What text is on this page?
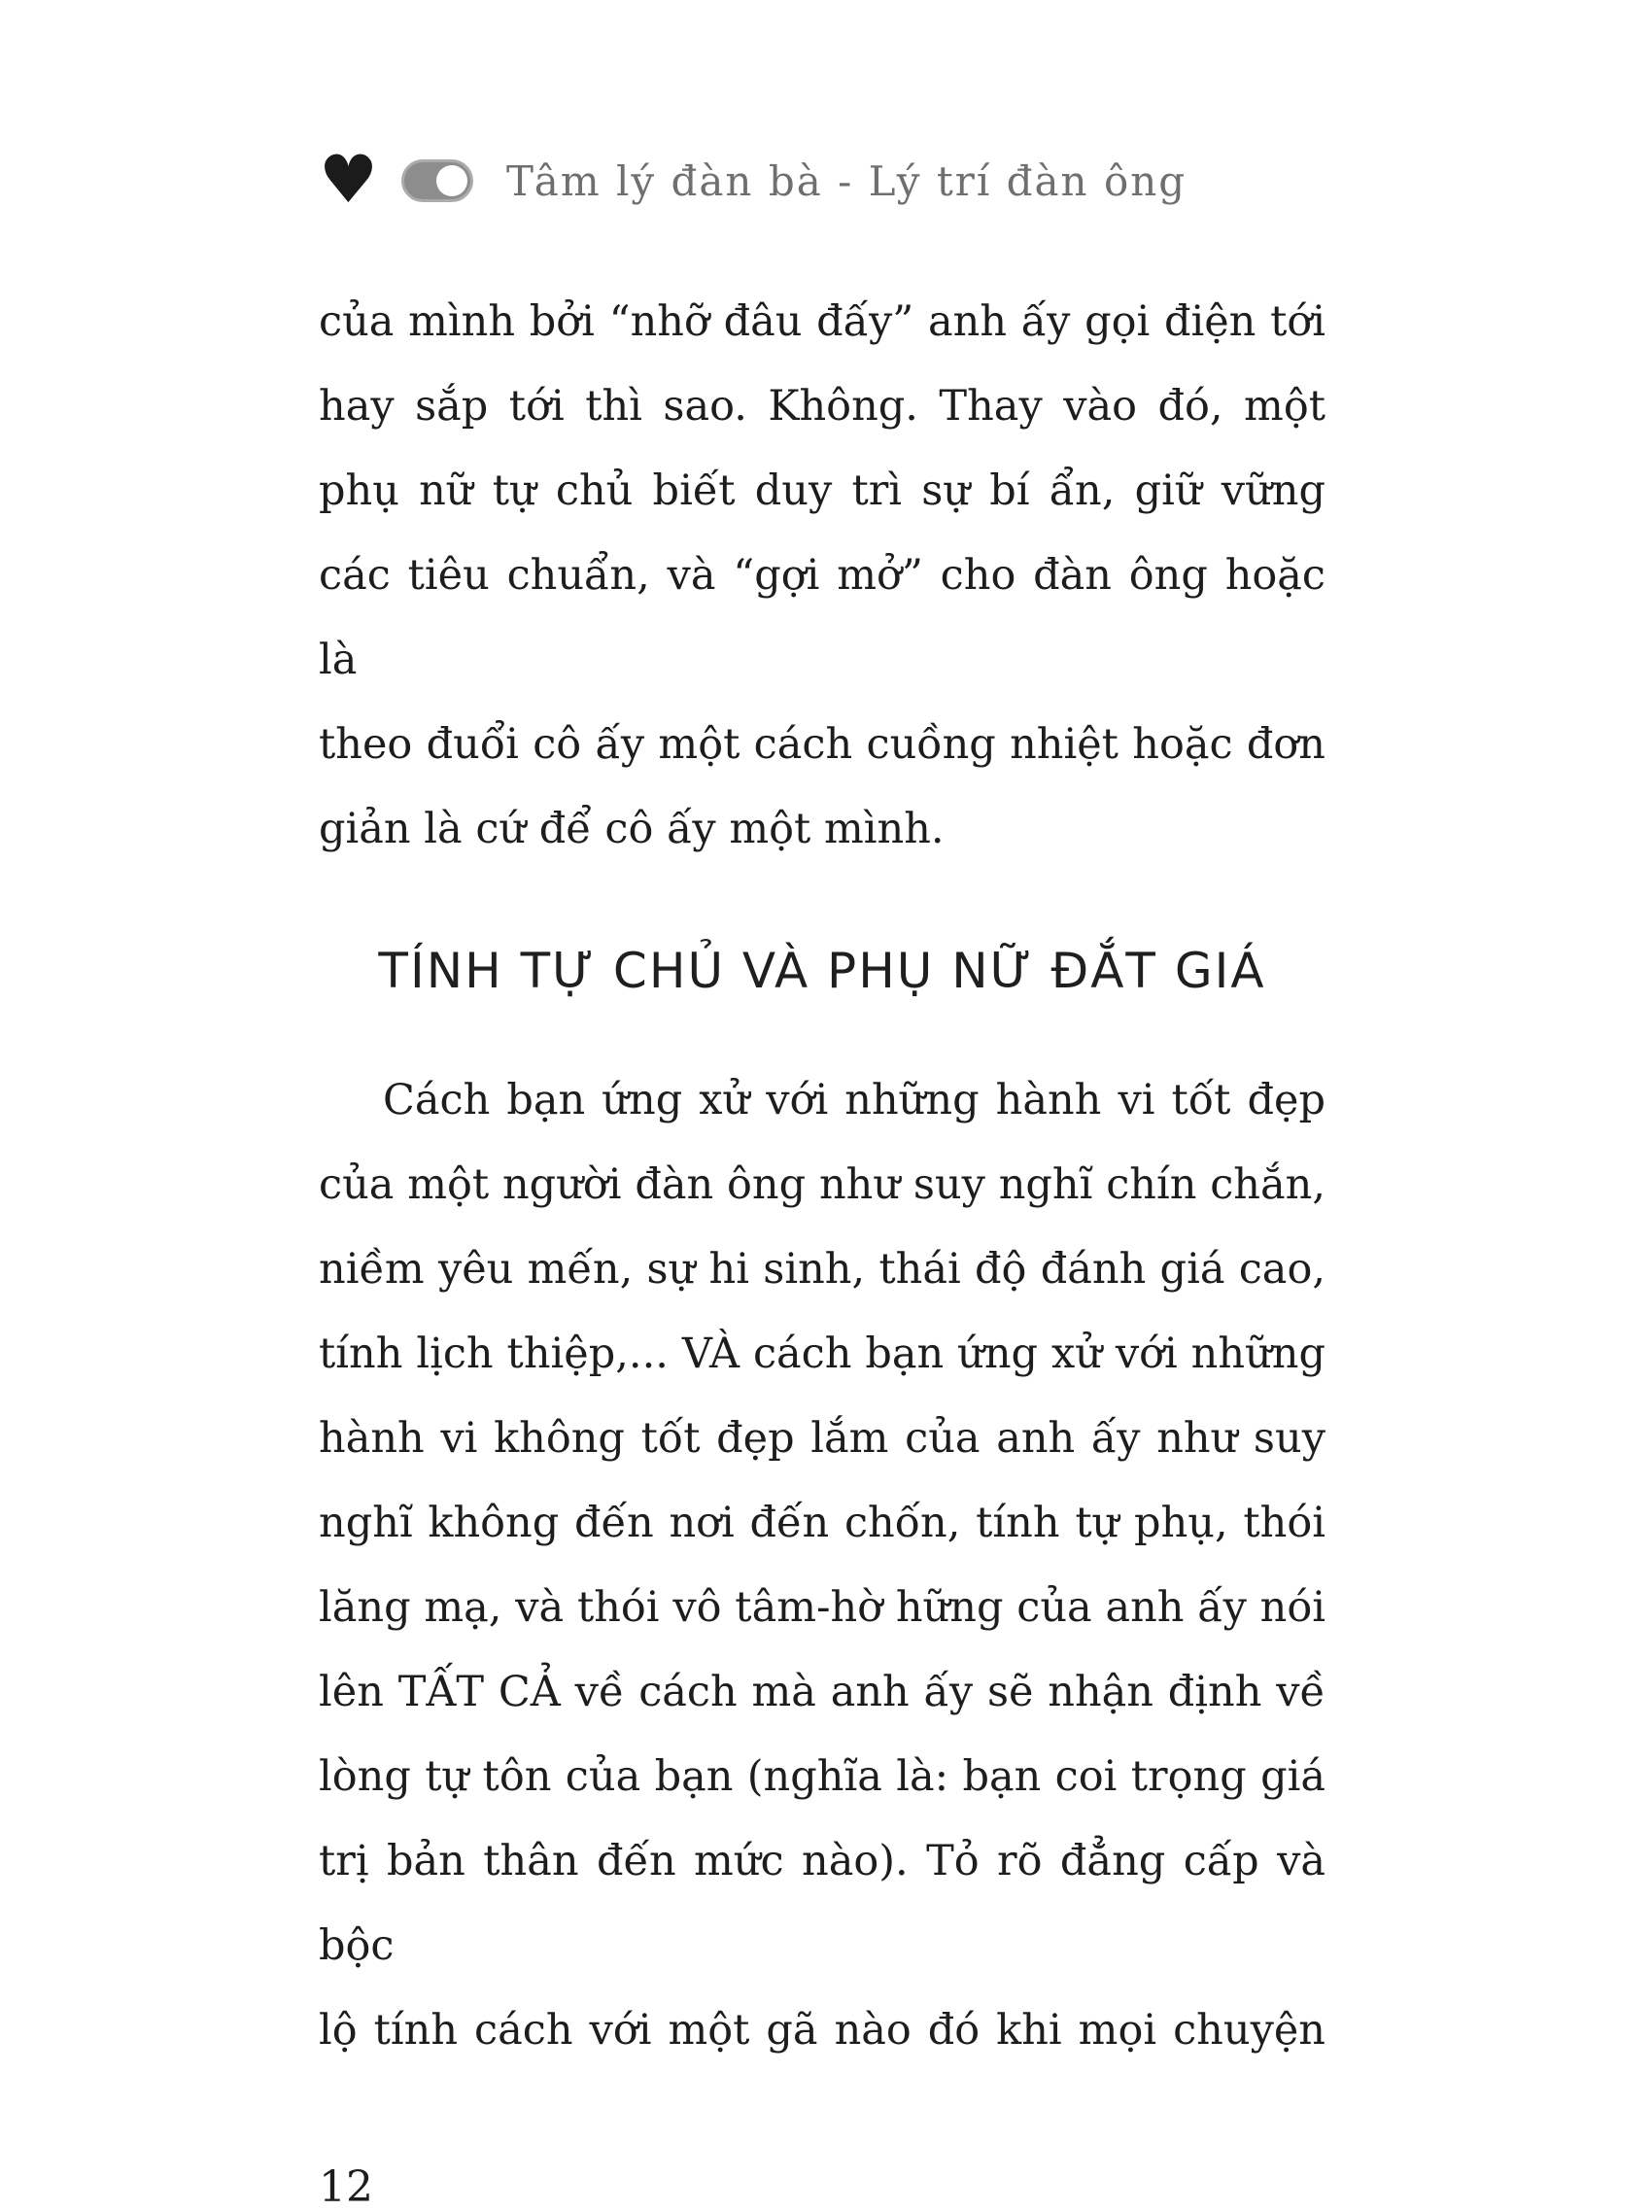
♥	Tâm lý đàn bà - Lý trí đàn ông
của mình bởi “nhỡ đâu đấy” anh ấy gọi điện tới
hay sắp tới thì sao. Không. Thay vào đó, một
phụ nữ tự chủ biết duy trì sự bí ẩn, giữ vững
các tiêu chuẩn, và “gợi mở” cho đàn ông hoặc là
theo đuổi cô ấy một cách cuồng nhiệt hoặc đơn
giản là cứ để cô ấy một mình.
TÍNH TỰ CHỦ VÀ PHỤ NỮ ĐẮT GIÁ
Cách bạn ứng xử với những hành vi tốt đẹp
của một người đàn ông như suy nghĩ chín chắn,
niềm yêu mến, sự hi sinh, thái độ đánh giá cao,
tính lịch thiệp,... VÀ cách bạn ứng xử với những
hành vi không tốt đẹp lắm của anh ấy như suy
nghĩ không đến nơi đến chốn, tính tự phụ, thói
lăng mạ, và thói vô tâm-hờ hững của anh ấy nói
lên TẤT CẢ về cách mà anh ấy sẽ nhận định về
lòng tự tôn của bạn (nghĩa là: bạn coi trọng giá
trị bản thân đến mức nào). Tỏ rõ đẳng cấp và bộc
lộ tính cách với một gã nào đó khi mọi chuyện
12
